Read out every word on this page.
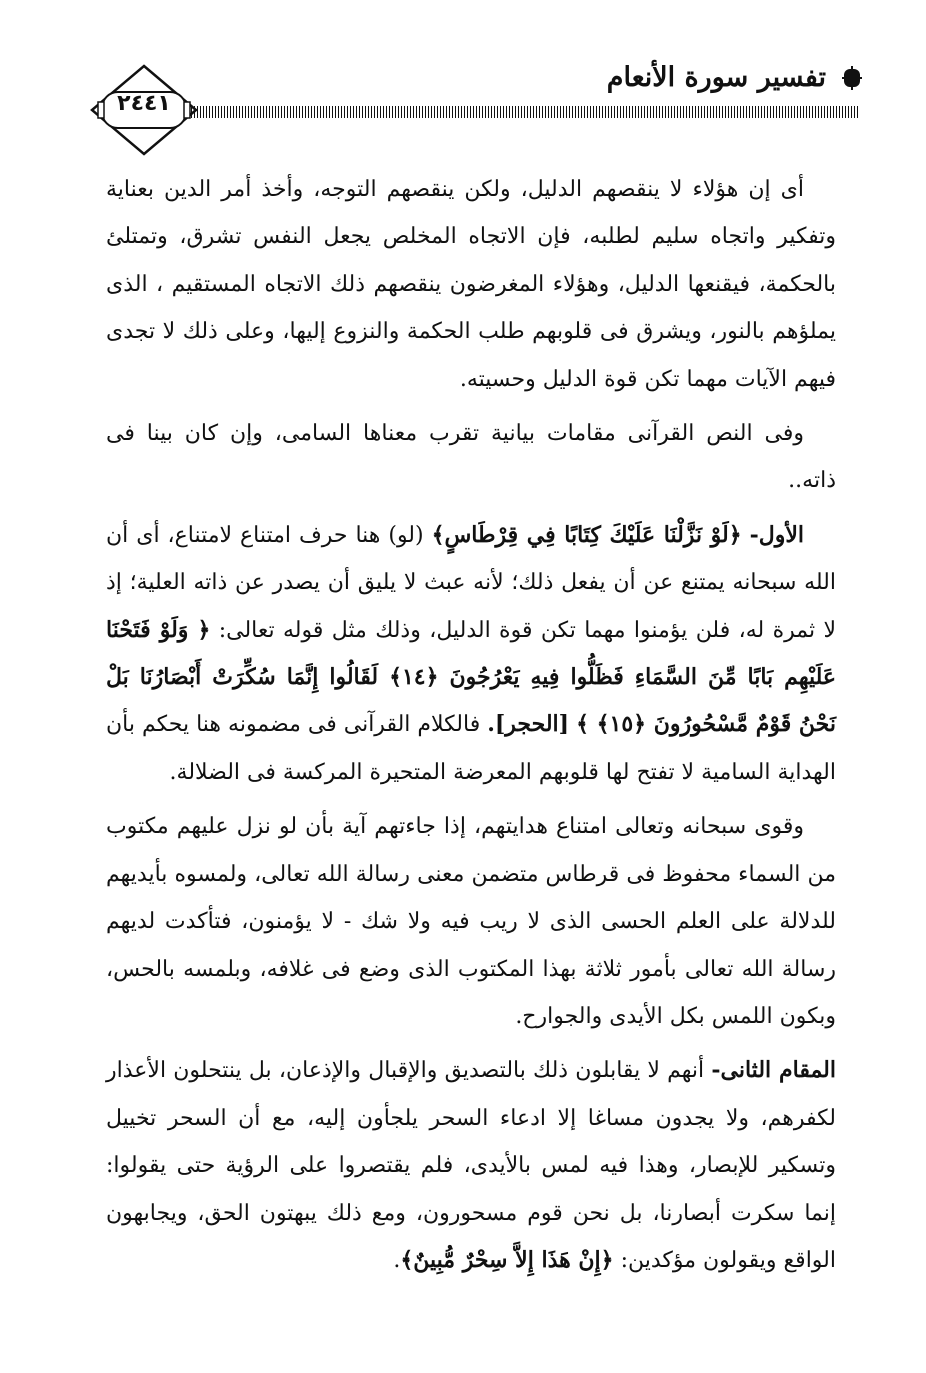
تفسير سورة الأنعام
٢٤٤١

أى إن هؤلاء لا ينقصهم الدليل، ولكن ينقصهم التوجه، وأخذ أمر الدين بعناية وتفكير واتجاه سليم لطلبه، فإن الاتجاه المخلص يجعل النفس تشرق، وتمتلئ بالحكمة، فيقنعها الدليل، وهؤلاء المغرضون ينقصهم ذلك الاتجاه المستقيم ، الذى يملؤهم بالنور، ويشرق فى قلوبهم طلب الحكمة والنزوع إليها، وعلى ذلك لا تجدى فيهم الآيات مهما تكن قوة الدليل وحسيته.

وفى النص القرآنى مقامات بيانية تقرب معناها السامى، وإن كان بينا فى ذاته..

الأول- ﴿لَوْ نَزَّلْنَا عَلَيْكَ كِتَابًا فِي قِرْطَاسٍ﴾ (لو) هنا حرف امتناع لامتناع، أى أن الله سبحانه يمتنع عن أن يفعل ذلك؛ لأنه عبث لا يليق أن يصدر عن ذاته العلية؛ إذ لا ثمرة له، فلن يؤمنوا مهما تكن قوة الدليل، وذلك مثل قوله تعالى: ﴿ وَلَوْ فَتَحْنَا عَلَيْهِم بَابًا مِّنَ السَّمَاءِ فَظَلُّوا فِيهِ يَعْرُجُونَ ﴿١٤﴾ لَقَالُوا إِنَّمَا سُكِّرَتْ أَبْصَارُنَا بَلْ نَحْنُ قَوْمٌ مَّسْحُورُونَ ﴿١٥﴾ ﴾ [الحجر]. فالكلام القرآنى فى مضمونه هنا يحكم بأن الهداية السامية لا تفتح لها قلوبهم المعرضة المتحيرة المركسة فى الضلالة.

وقوى سبحانه وتعالى امتناع هدايتهم، إذا جاءتهم آية بأن لو نزل عليهم مكتوب من السماء محفوظ فى قرطاس متضمن معنى رسالة الله تعالى، ولمسوه بأيديهم للدلالة على العلم الحسى الذى لا ريب فيه ولا شك - لا يؤمنون، فتأكدت لديهم رسالة الله تعالى بأمور ثلاثة بهذا المكتوب الذى وضع فى غلافه، وبلمسه بالحس، وبكون اللمس بكل الأيدى والجوارح.

المقام الثانى- أنهم لا يقابلون ذلك بالتصديق والإقبال والإذعان، بل ينتحلون الأعذار لكفرهم، ولا يجدون مساغا إلا ادعاء السحر يلجأون إليه، مع أن السحر تخييل وتسكير للإبصار، وهذا فيه لمس بالأيدى، فلم يقتصروا على الرؤية حتى يقولوا: إنما سكرت أبصارنا، بل نحن قوم مسحورون، ومع ذلك يبهتون الحق، ويجابهون الواقع ويقولون مؤكدين: ﴿إِنْ هَذَا إِلاَّ سِحْرٌ مُّبِينٌ﴾.
